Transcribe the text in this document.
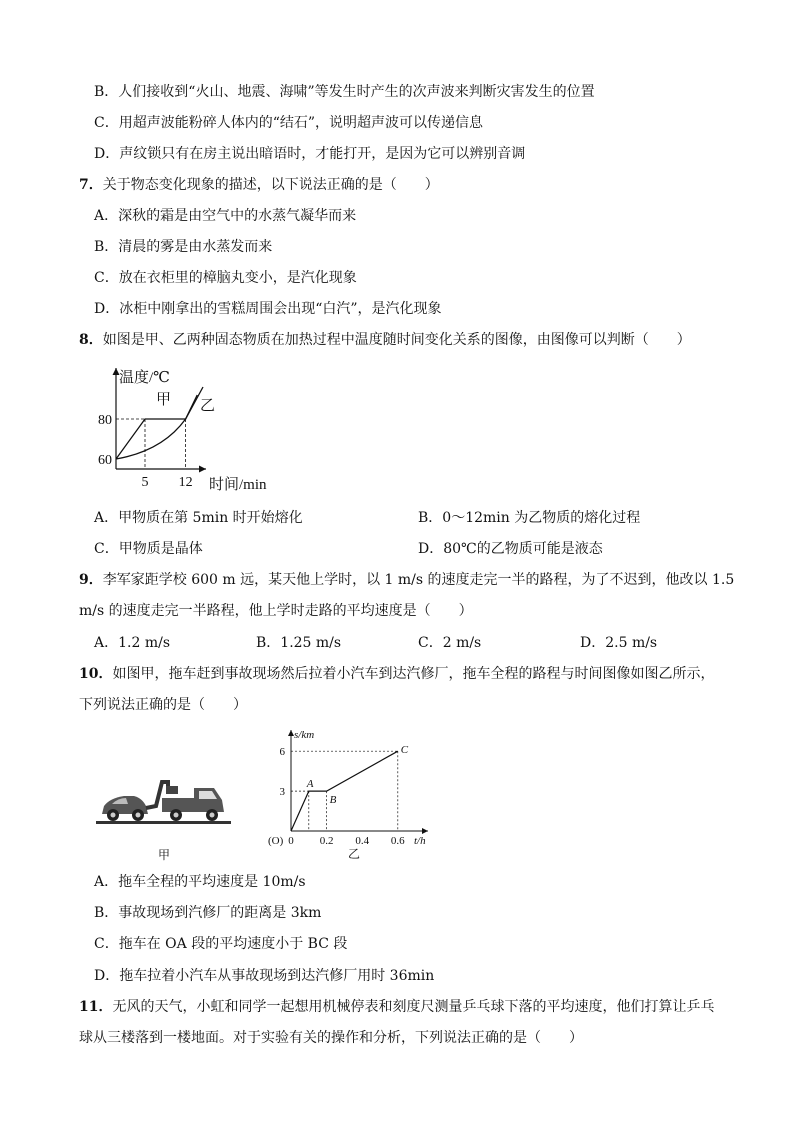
B．人们接收到“火山、地震、海啸”等发生时产生的次声波来判断灾害发生的位置
C．用超声波能粉碎人体内的“结石”，说明超声波可以传递信息
D．声纹锁只有在房主说出暗语时，才能打开，是因为它可以辨别音调
7．关于物态变化现象的描述，以下说法正确的是（　　）
A．深秋的霜是由空气中的水蒸气凝华而来
B．清晨的雾是由水蒸发而来
C．放在衣柜里的樟脑丸变小，是汽化现象
D．冰柜中刚拿出的雪糕周围会出现“白汽”，是汽化现象
8．如图是甲、乙两种固态物质在加热过程中温度随时间变化关系的图像，由图像可以判断（　　）
温度/℃
时间/min
5 12
60
80
甲 乙
A．甲物质在第 5min 时开始熔化	B．0～12min 为乙物质的熔化过程
C．甲物质是晶体	D．80℃的乙物质可能是液态
9．李军家距学校 600 m 远，某天他上学时，以 1 m/s 的速度走完一半的路程，为了不迟到，他改以 1.5
m/s 的速度走完一半路程，他上学时走路的平均速度是（　　）
A．1.2 m/s	B．1.25 m/s	C．2 m/s	D．2.5 m/s
10．如图甲，拖车赶到事故现场然后拉着小汽车到达汽修厂，拖车全程的路程与时间图像如图乙所示，
下列说法正确的是（　　）
甲
s/km
t/h
(O) 0 0.2 0.4 0.6
3
6
A
B
C
乙
A．拖车全程的平均速度是 10m/s
B．事故现场到汽修厂的距离是 3km
C．拖车在 OA 段的平均速度小于 BC 段
D．拖车拉着小汽车从事故现场到达汽修厂用时 36min
11．无风的天气，小虹和同学一起想用机械停表和刻度尺测量乒乓球下落的平均速度，他们打算让乒乓
球从三楼落到一楼地面。对于实验有关的操作和分析，下列说法正确的是（　　）
